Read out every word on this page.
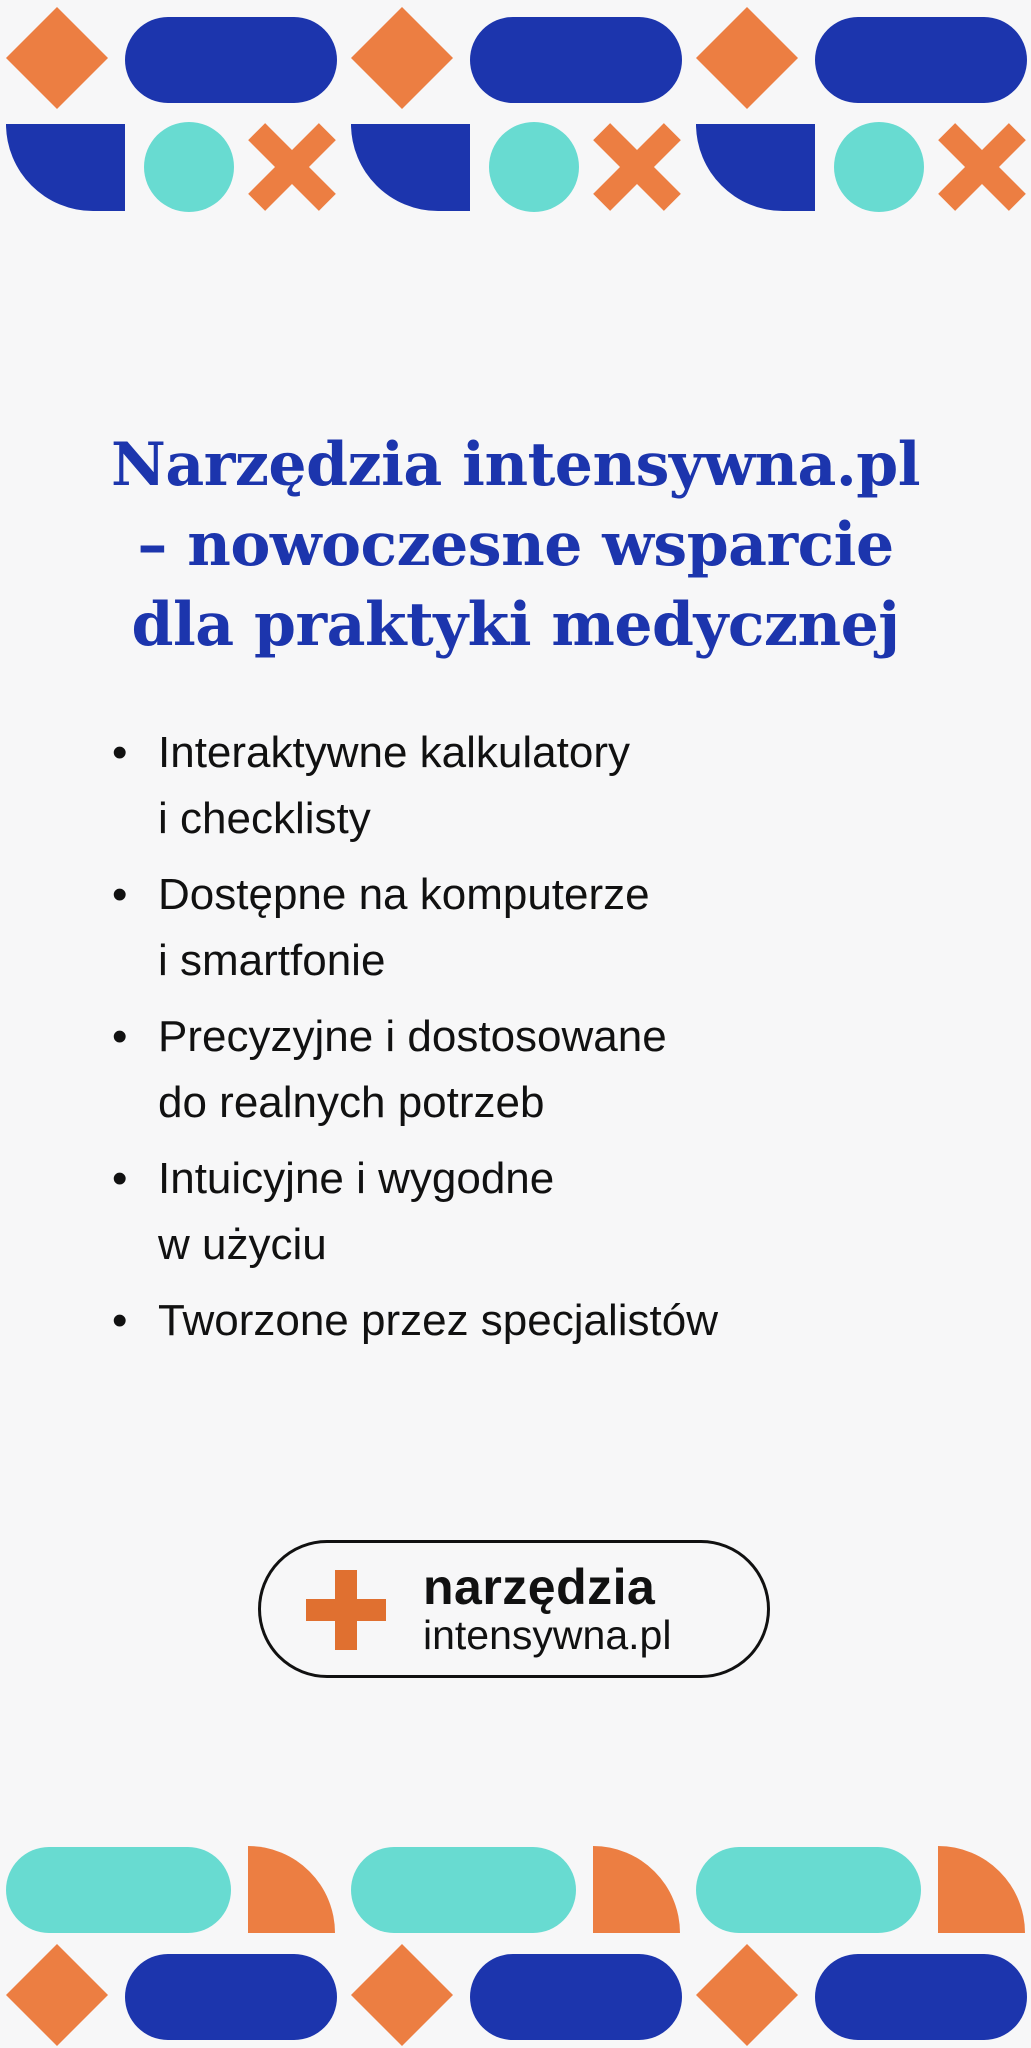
Narzędzia intensywna.pl
– nowoczesne wsparcie
dla praktyki medycznej
• Interaktywne kalkulatory
i checklisty
• Dostępne na komputerze
i smartfonie
• Precyzyjne i dostosowane
do realnych potrzeb
• Intuicyjne i wygodne
w użyciu
• Tworzone przez specjalistów
narzędzia
intensywna.pl
